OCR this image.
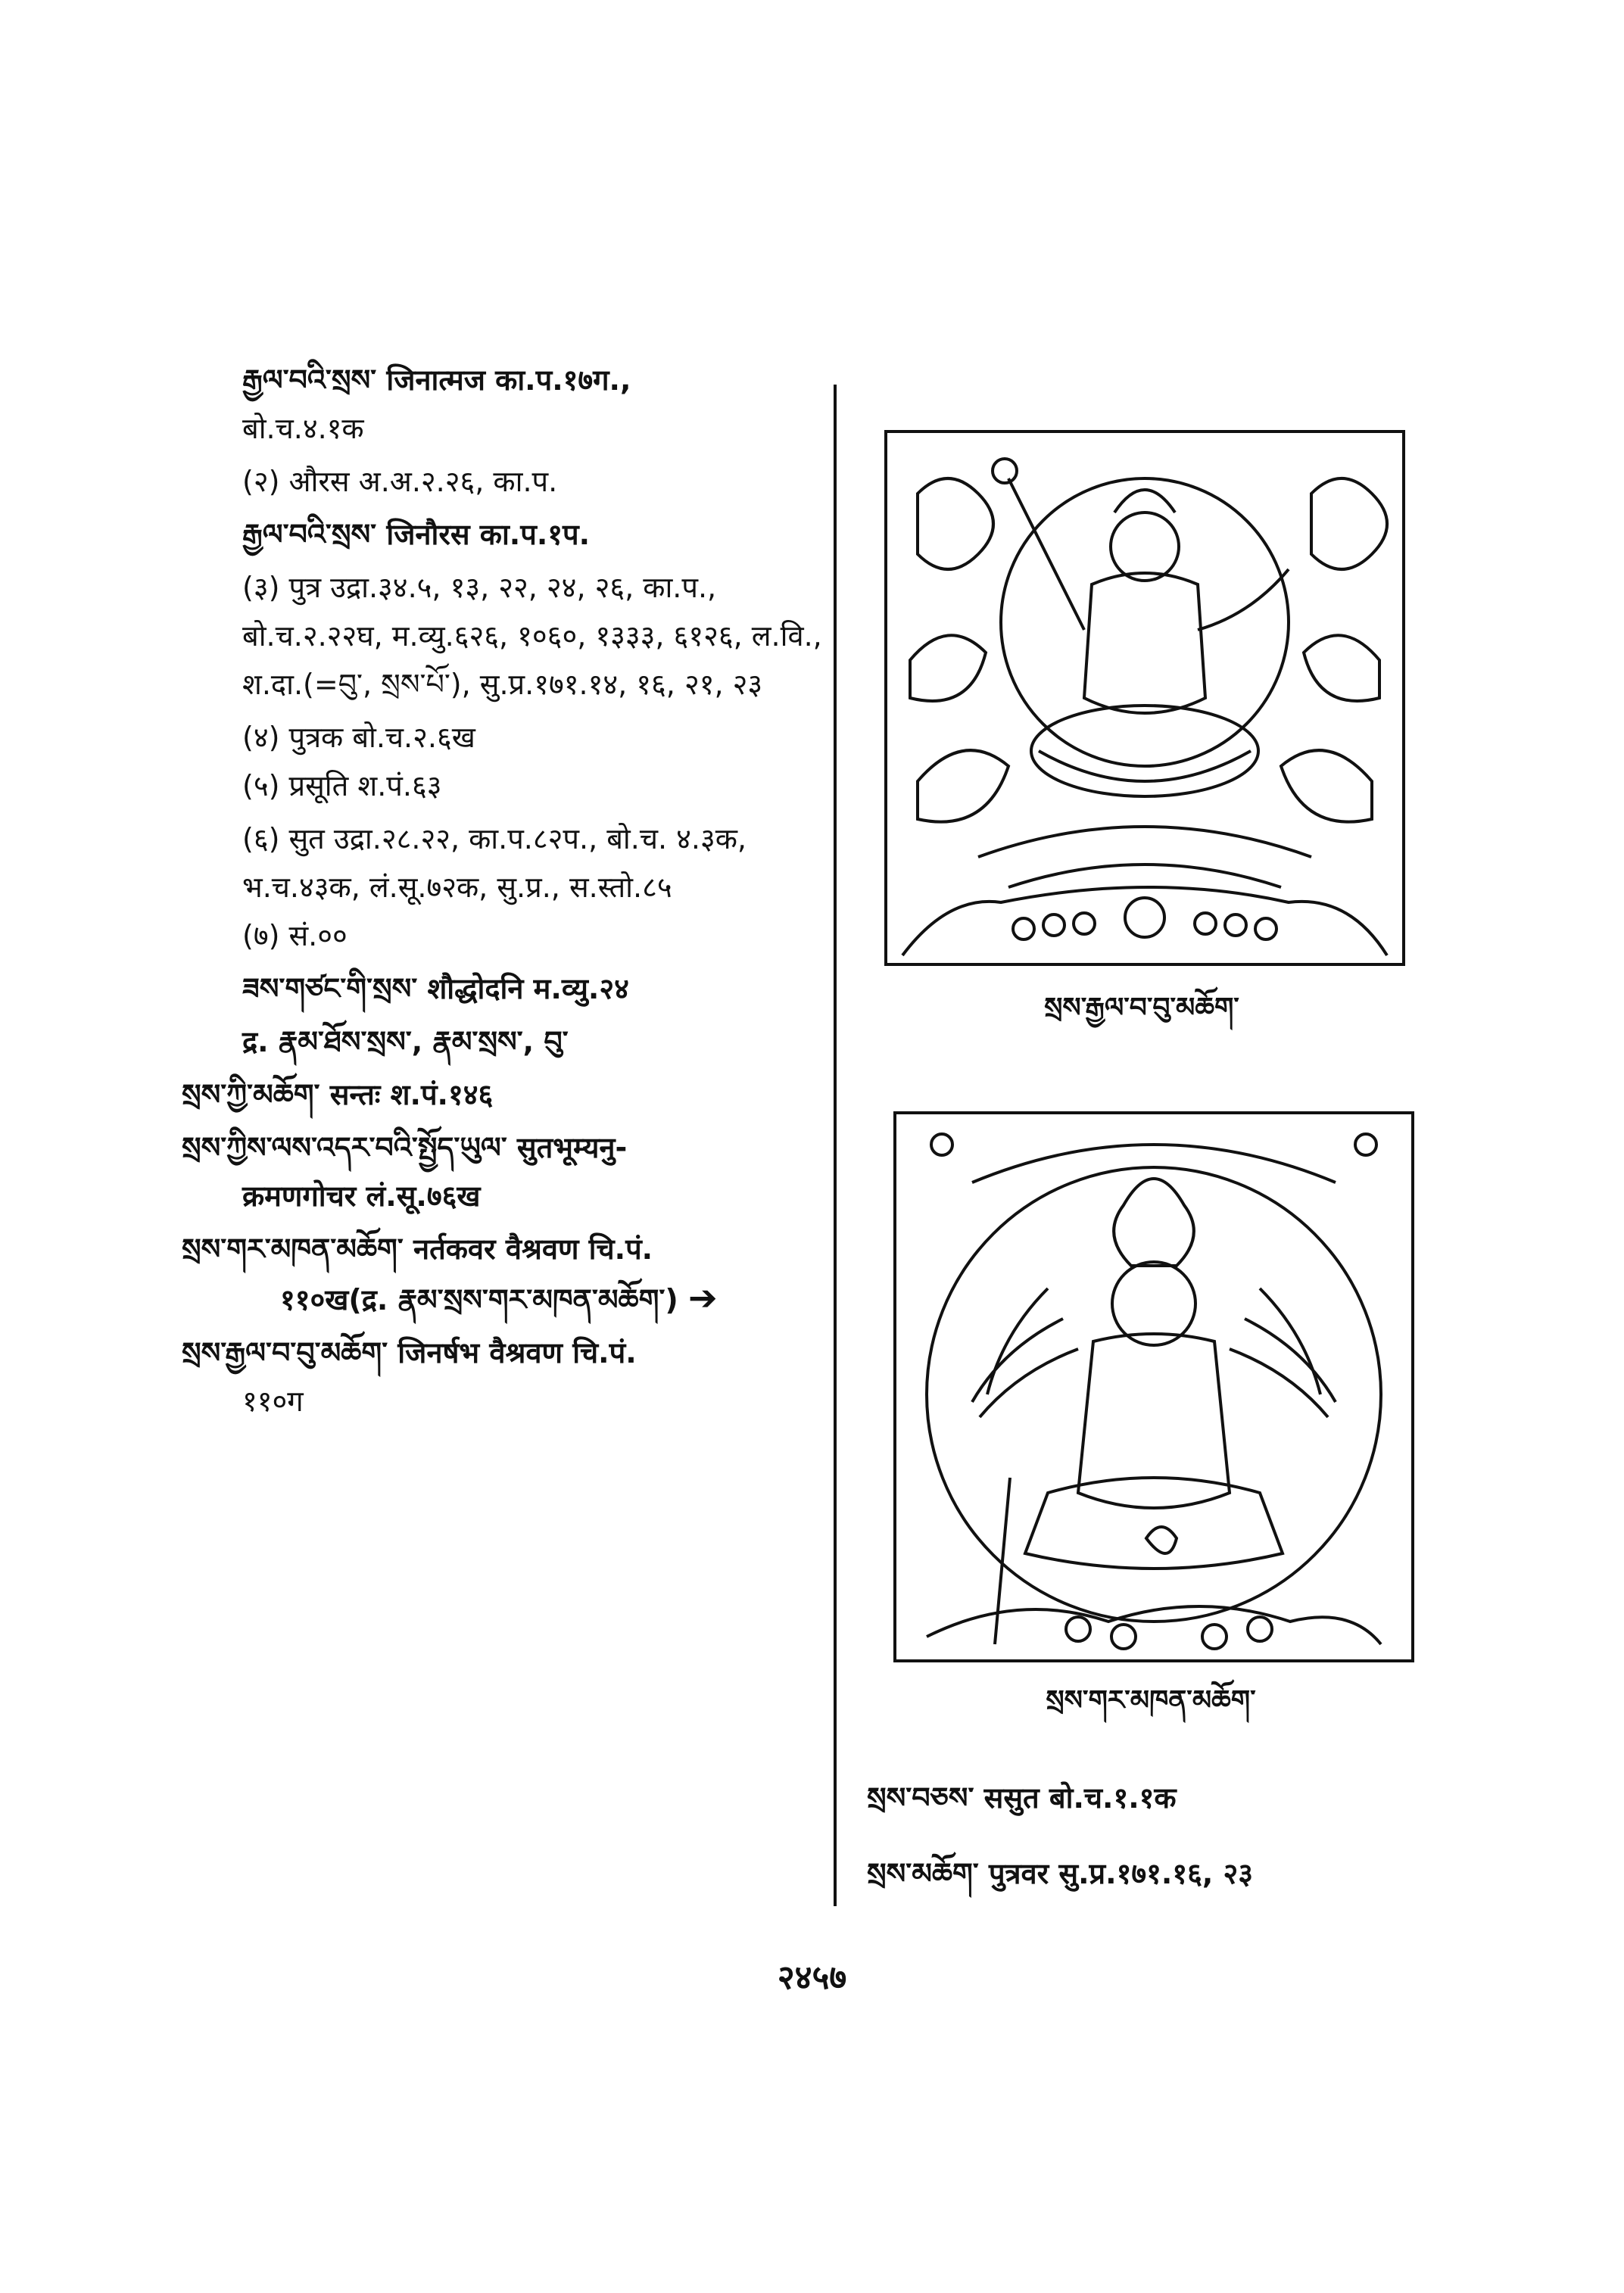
རྒྱལ་བའི་སྲས་ जिनात्मज का.प.१७ग.,

बो.च.४.१क

(२) औरस अ.अ.२.२६, का.प.

རྒྱལ་བའི་སྲས་ जिनौरस का.प.१प.

(३) पुत्र उद्रा.३४.५, १३, २२, २४, २६, का.प., बो.च.२.२२घ, म.व्यु.६२६, १०६०, १३३३, ६१२६, ल.वि., श.दा.(=བུ་, སྲས་པོ་), सु.प्र.१७१.१४, १६, २१, २३

(४) पुत्रक बो.च.२.६ख

(५) प्रसूति श.पं.६३

(६) सुत उद्रा.२८.२२, का.प.८२प., बो.च. ४.३क, भ.च.४३क, लं.सू.७२क, सु.प्र., स.स्तो.८५

(७) सं.००

ཟས་གཙང་གི་སྲས་ शौद्धोदनि म.व्यु.२४

द्र. རྣམ་ཐོས་སྲས་, རྣམ་སྲས་, བུ་

སྲས་ཀྱི་མཆོག་ सन्तः श.पं.१४६

སྲས་ཀྱིས་ལས་འདར་བའི་སྤྱོད་ཡུལ་ सुतभूम्यनु-

क्रमणगोचर लं.सू.७६ख

སྲས་གར་མཁན་མཆོག་ नर्तकवर वैश्रवण चि.पं.

११०ख(द्र. རྣམ་སྲས་གར་མཁན་མཆོག་) ➔

སྲས་རྒྱལ་བ་བུ་མཆོག་ जिनर्षभ वैश्रवण चि.पं.

११०ग

སྲས་རྒྱལ་བ་བུ་མཆོག་
སྲས་གར་མཁན་མཆོག་

སྲས་བཅས་ ससुत बो.च.१.१क

སྲས་མཆོག་ पुत्रवर सु.प्र.१७१.१६, २३

२४५७
